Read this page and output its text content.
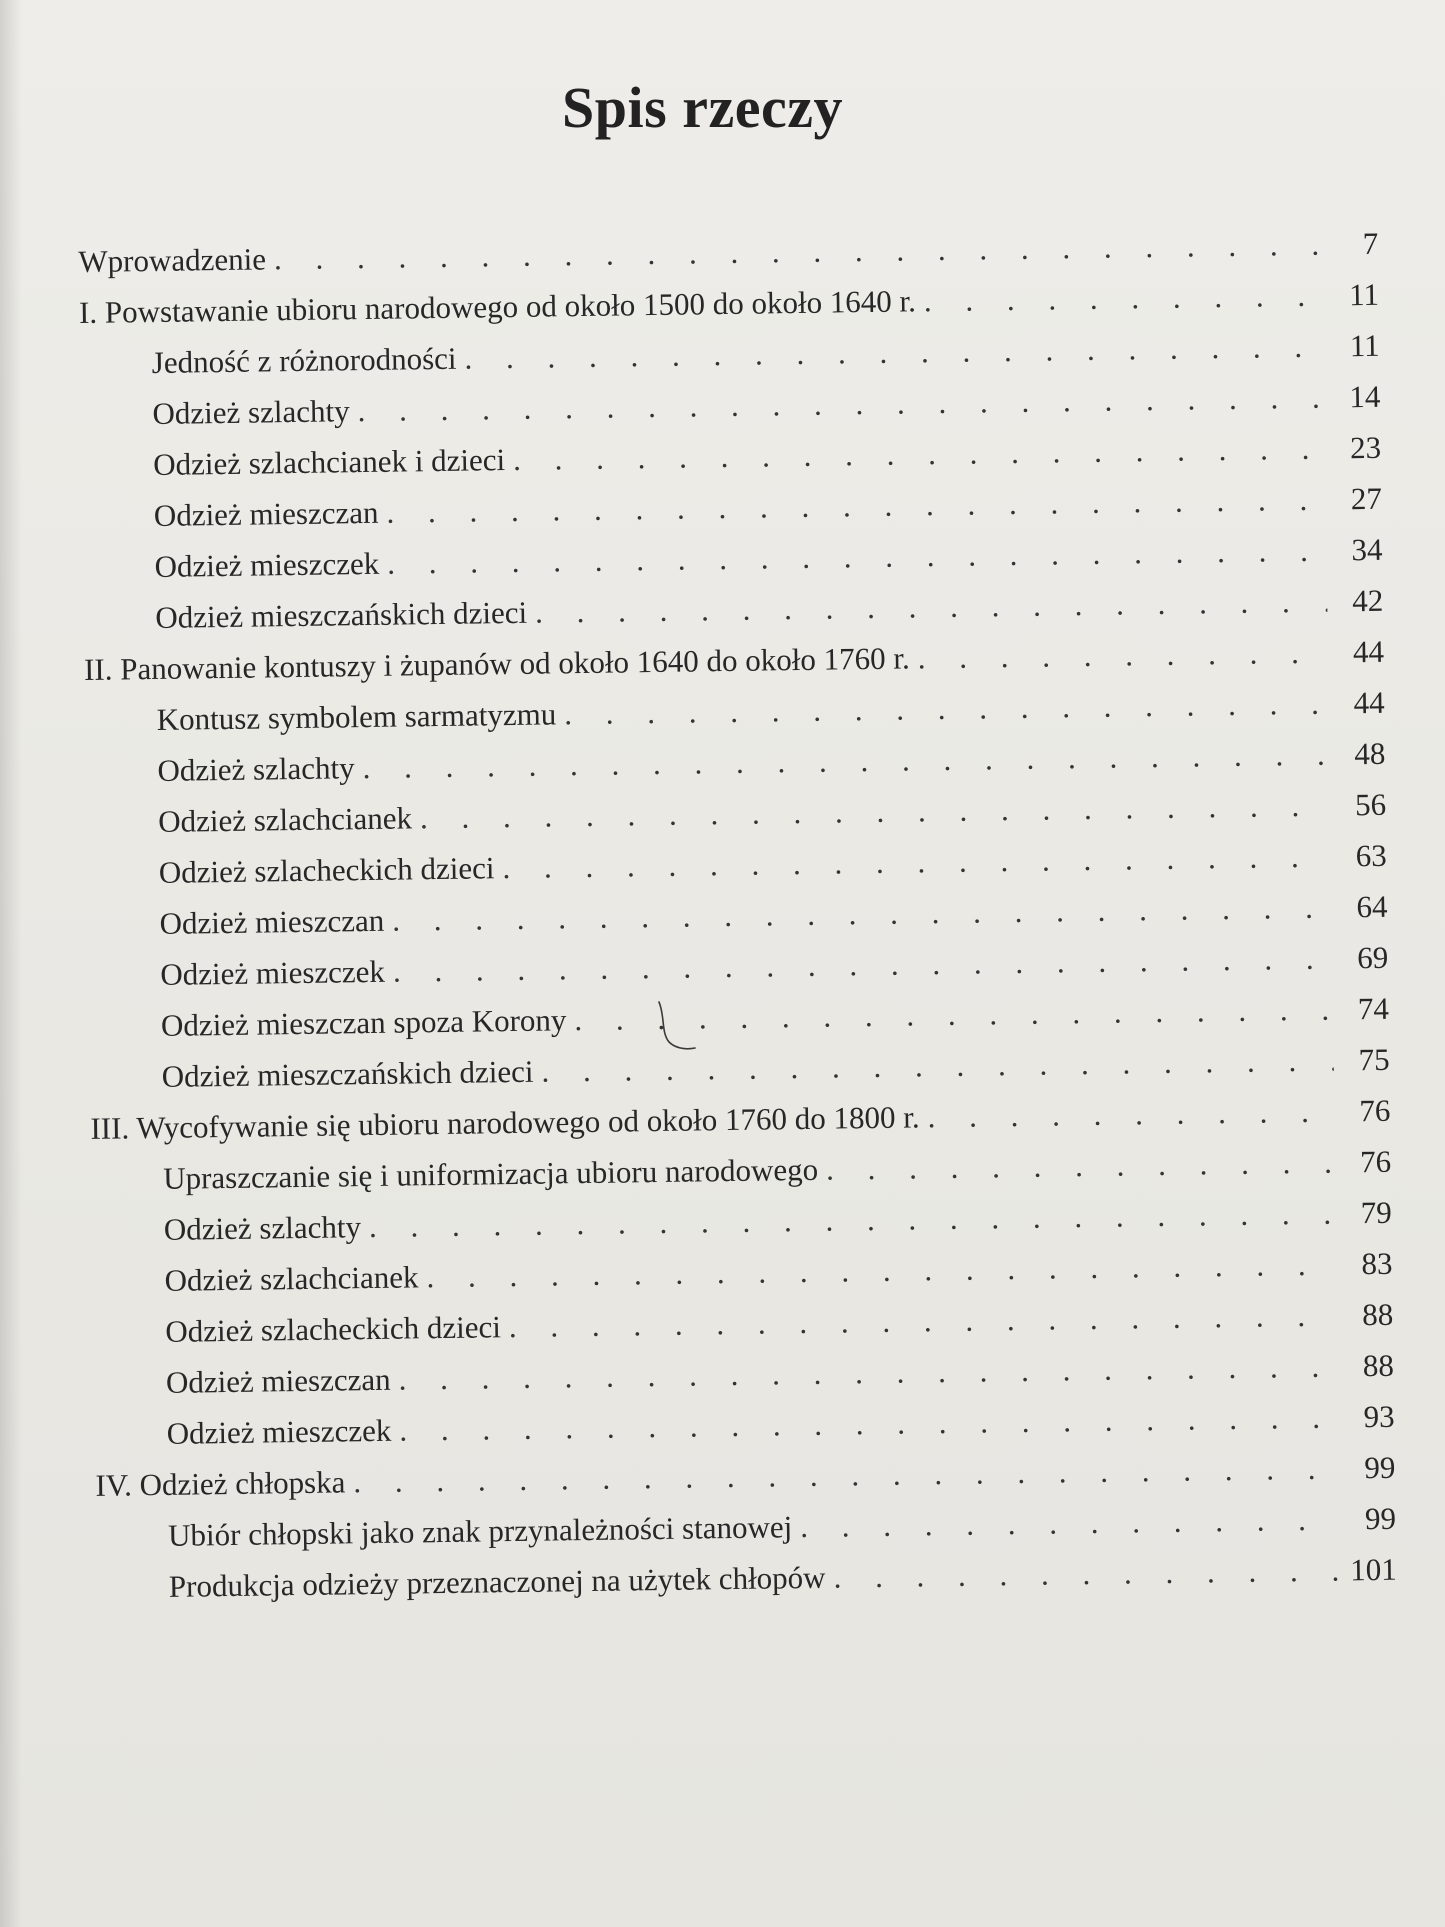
Spis rzeczy
Wprowadzenie . . .	7
I. Powstawanie ubioru narodowego od około 1500 do około 1640 r. . . .	11
Jedność z różnorodności . . .	11
Odzież szlachty . . .	14
Odzież szlachcianek i dzieci . . .	23
Odzież mieszczan . . .	27
Odzież mieszczek . . .	34
Odzież mieszczańskich dzieci . . .	42
II. Panowanie kontuszy i żupanów od około 1640 do około 1760 r. . . .	44
Kontusz symbolem sarmatyzmu . . .	44
Odzież szlachty . . .	48
Odzież szlachcianek . . .	56
Odzież szlacheckich dzieci . . .	63
Odzież mieszczan . . .	64
Odzież mieszczek . . .	69
Odzież mieszczan spoza Korony . . .	74
Odzież mieszczańskich dzieci . . .	75
III. Wycofywanie się ubioru narodowego od około 1760 do 1800 r. . . .	76
Upraszczanie się i uniformizacja ubioru narodowego . . .	76
Odzież szlachty . . .	79
Odzież szlachcianek . . .	83
Odzież szlacheckich dzieci . . .	88
Odzież mieszczan . . .	88
Odzież mieszczek . . .	93
IV. Odzież chłopska . . .	99
Ubiór chłopski jako znak przynależności stanowej . . .	99
Produkcja odzieży przeznaczonej na użytek chłopów . . .	101
